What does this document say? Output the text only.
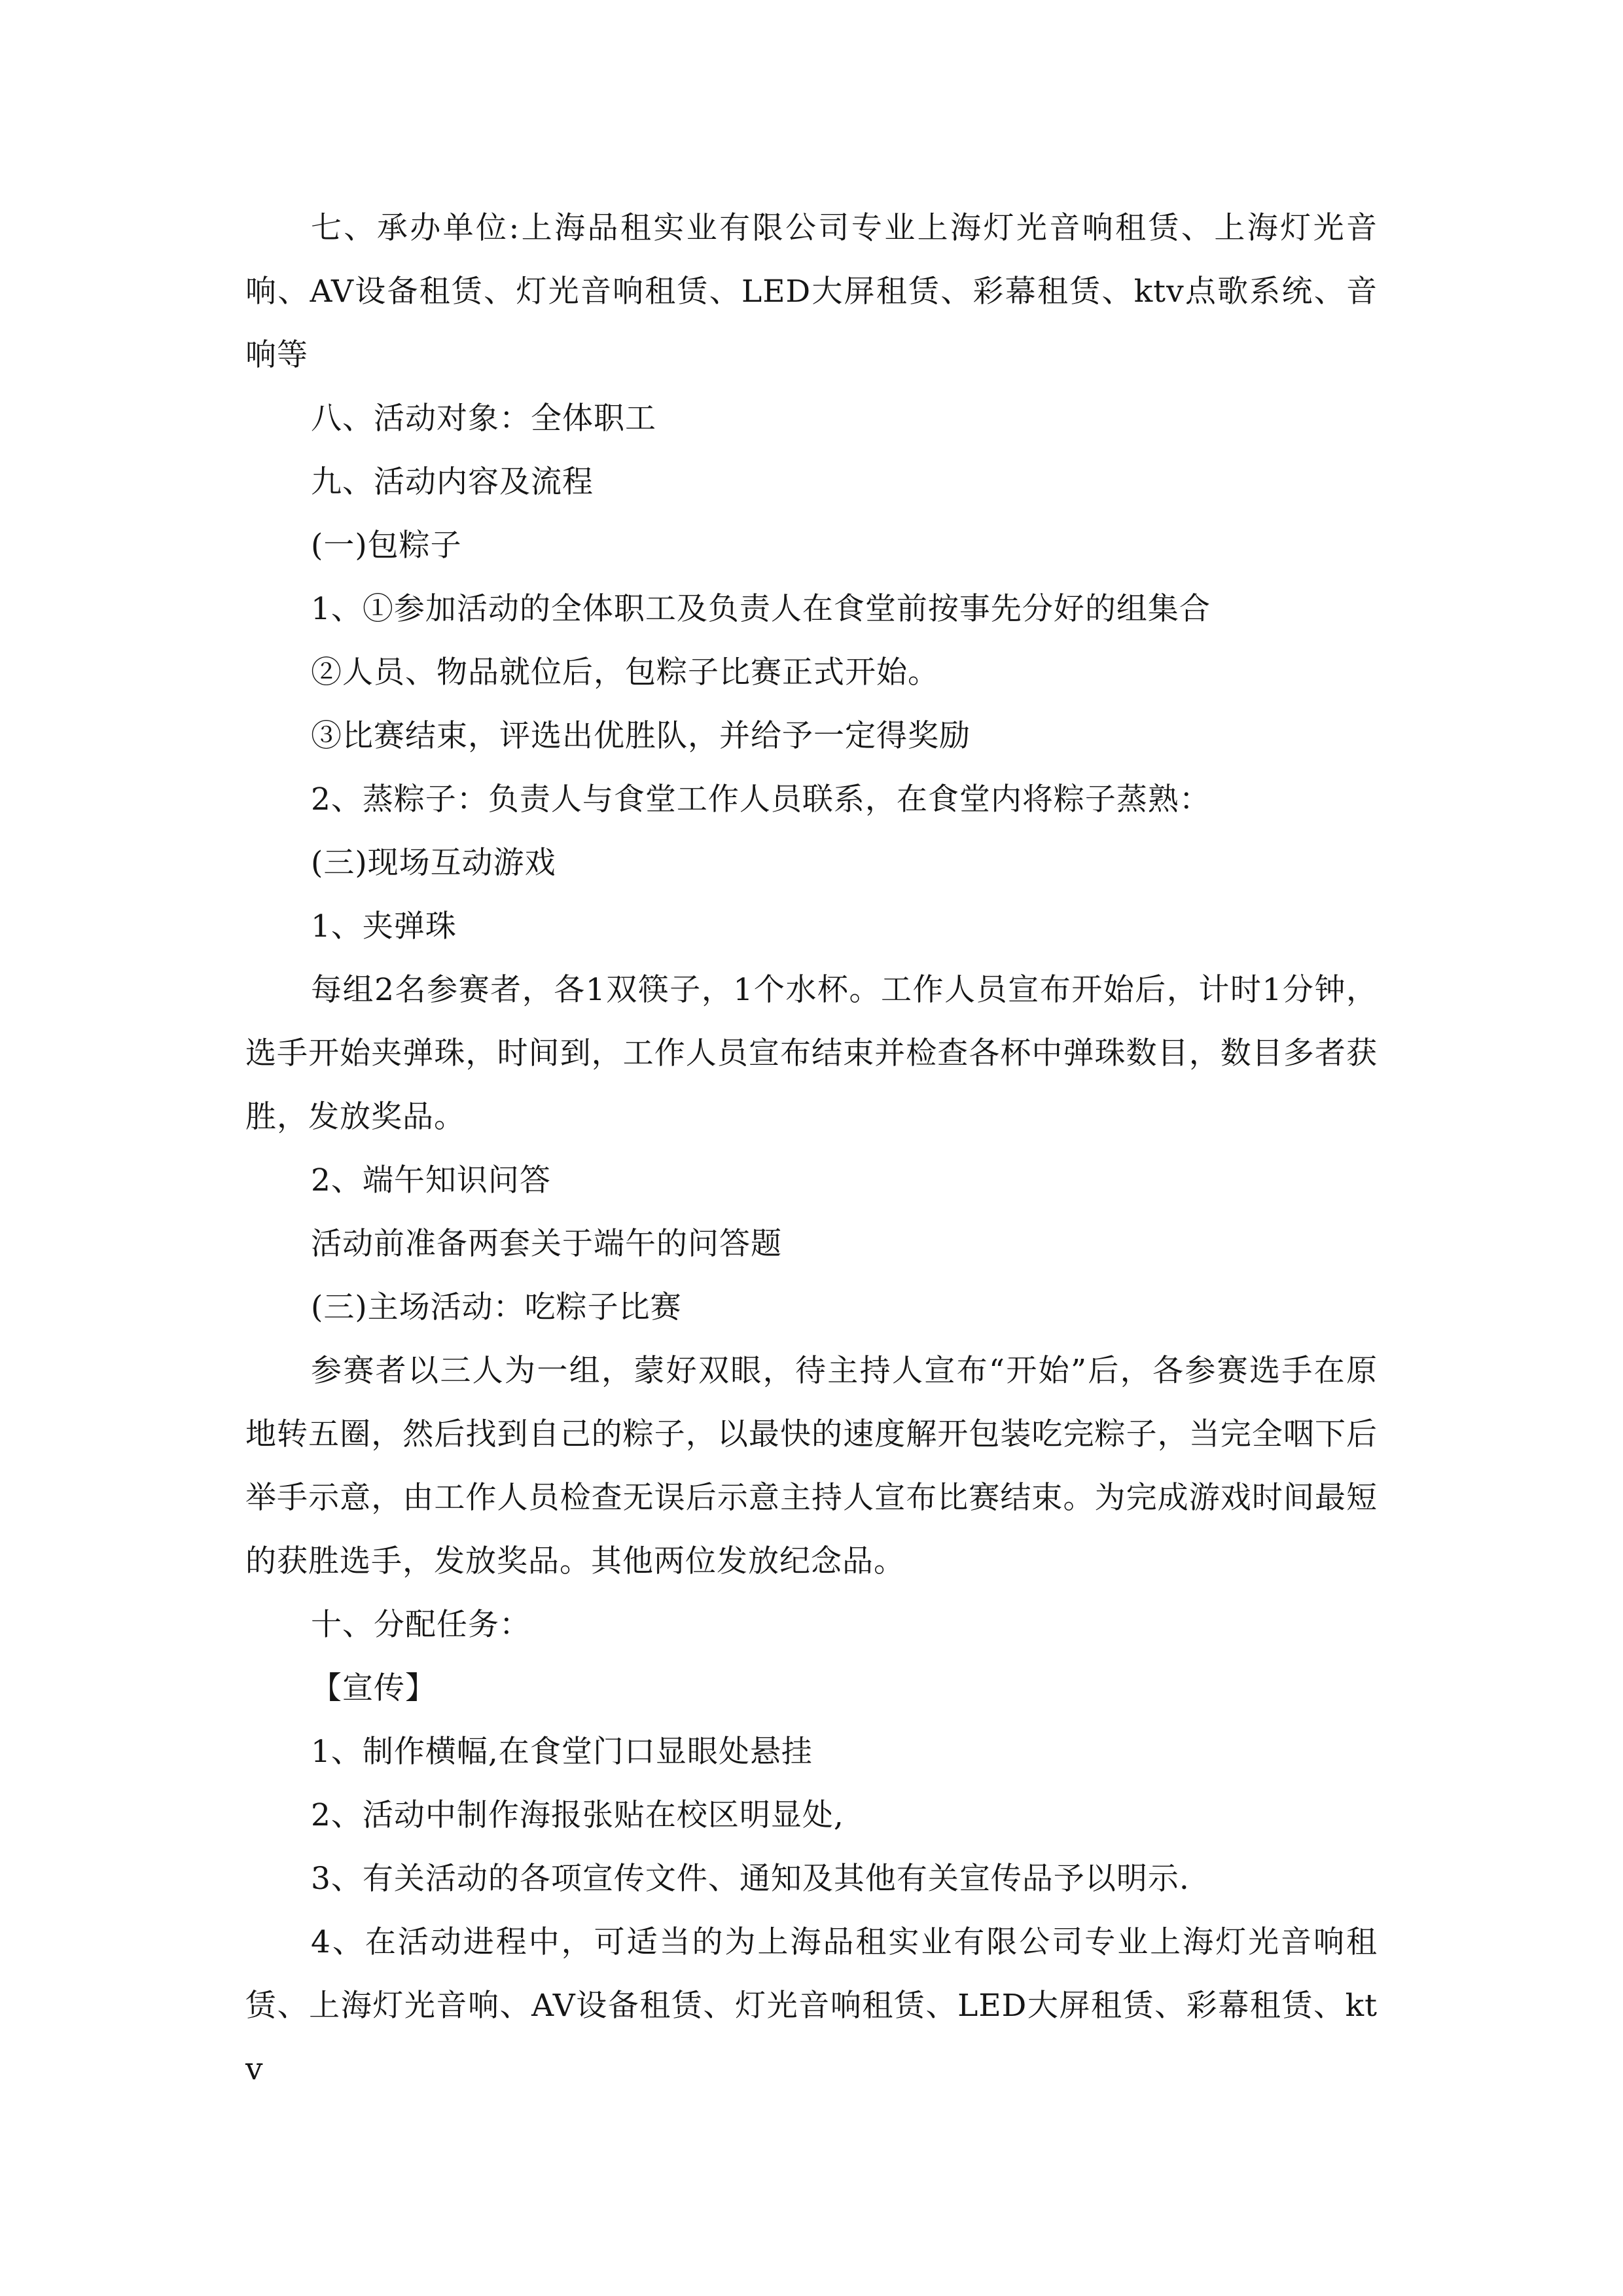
七、承办单位:上海品租实业有限公司专业上海灯光音响租赁、上海灯光音响、AV设备租赁、灯光音响租赁、LED大屏租赁、彩幕租赁、ktv点歌系统、音响等

八、活动对象：全体职工

九、活动内容及流程

(一)包粽子

1、①参加活动的全体职工及负责人在食堂前按事先分好的组集合

②人员、物品就位后，包粽子比赛正式开始。

③比赛结束，评选出优胜队，并给予一定得奖励

2、蒸粽子：负责人与食堂工作人员联系，在食堂内将粽子蒸熟：

(三)现场互动游戏

1、夹弹珠

每组2名参赛者，各1双筷子，1个水杯。工作人员宣布开始后，计时1分钟，选手开始夹弹珠，时间到，工作人员宣布结束并检查各杯中弹珠数目，数目多者获胜，发放奖品。

2、端午知识问答

活动前准备两套关于端午的问答题

(三)主场活动：吃粽子比赛

参赛者以三人为一组，蒙好双眼，待主持人宣布“开始”后，各参赛选手在原地转五圈，然后找到自己的粽子，以最快的速度解开包装吃完粽子，当完全咽下后举手示意，由工作人员检查无误后示意主持人宣布比赛结束。为完成游戏时间最短的获胜选手，发放奖品。其他两位发放纪念品。

十、分配任务：

【宣传】

1、制作横幅,在食堂门口显眼处悬挂

2、活动中制作海报张贴在校区明显处,

3、有关活动的各项宣传文件、通知及其他有关宣传品予以明示.

4、在活动进程中，可适当的为上海品租实业有限公司专业上海灯光音响租赁、上海灯光音响、AV设备租赁、灯光音响租赁、LED大屏租赁、彩幕租赁、ktv
